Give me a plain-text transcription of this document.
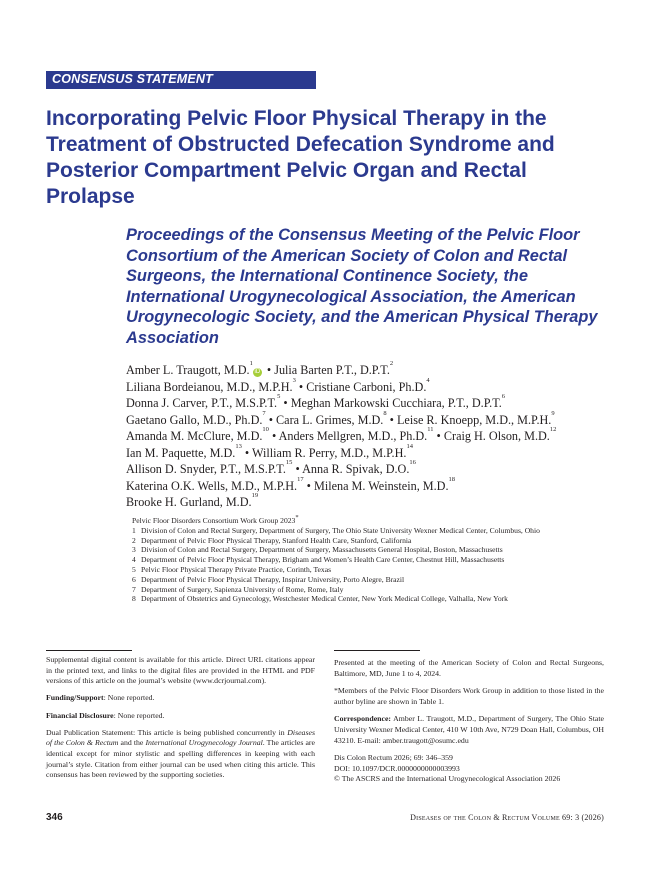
CONSENSUS STATEMENT
Incorporating Pelvic Floor Physical Therapy in the Treatment of Obstructed Defecation Syndrome and Posterior Compartment Pelvic Organ and Rectal Prolapse
Proceedings of the Consensus Meeting of the Pelvic Floor Consortium of the American Society of Colon and Rectal Surgeons, the International Continence Society, the International Urogynecological Association, the American Urogynecologic Society, and the American Physical Therapy Association
Amber L. Traugott, M.D.$^1$iD • Julia Barten P.T., D.P.T.$^2$
Liliana Bordeianou, M.D., M.P.H.$^3$ • Cristiane Carboni, Ph.D.$^4$
Donna J. Carver, P.T., M.S.P.T.$^5$ • Meghan Markowski Cucchiara, P.T., D.P.T.$^6$
Gaetano Gallo, M.D., Ph.D.$^7$ • Cara L. Grimes, M.D.$^8$ • Leise R. Knoepp, M.D., M.P.H.$^9$
Amanda M. McClure, M.D.$^{10}$ • Anders Mellgren, M.D., Ph.D.$^{11}$ • Craig H. Olson, M.D.$^{12}$
Ian M. Paquette, M.D.$^{13}$ • William R. Perry, M.D., M.P.H.$^{14}$
Allison D. Snyder, P.T., M.S.P.T.$^{15}$ • Anna R. Spivak, D.O.$^{16}$
Katerina O.K. Wells, M.D., M.P.H.$^{17}$ • Milena M. Weinstein, M.D.$^{18}$
Brooke H. Gurland, M.D.$^{19}$
Pelvic Floor Disorders Consortium Work Group 2023*
1 Division of Colon and Rectal Surgery, Department of Surgery, The Ohio State University Wexner Medical Center, Columbus, Ohio
2 Department of Pelvic Floor Physical Therapy, Stanford Health Care, Stanford, California
3 Division of Colon and Rectal Surgery, Department of Surgery, Massachusetts General Hospital, Boston, Massachusetts
4 Department of Pelvic Floor Physical Therapy, Brigham and Women’s Health Care Center, Chestnut Hill, Massachusetts
5 Pelvic Floor Physical Therapy Private Practice, Corinth, Texas
6 Department of Pelvic Floor Physical Therapy, Inspirar University, Porto Alegre, Brazil
7 Department of Surgery, Sapienza University of Rome, Rome, Italy
8 Department of Obstetrics and Gynecology, Westchester Medical Center, New York Medical College, Valhalla, New York

Supplemental digital content is available for this article. Direct URL citations appear in the printed text, and links to the digital files are provided in the HTML and PDF versions of this article on the journal’s website (www.dcrjournal.com).

Funding/Support: None reported.

Financial Disclosure: None reported.

Dual Publication Statement: This article is being published concurrently in Diseases of the Colon & Rectum and the International Urogynecology Journal. The articles are identical except for minor stylistic and spelling differences in keeping with each journal’s style. Citation from either journal can be used when citing this article. This consensus has been reviewed by the supporting societies.

Presented at the meeting of the American Society of Colon and Rectal Surgeons, Baltimore, MD, June 1 to 4, 2024.

*Members of the Pelvic Floor Disorders Work Group in addition to those listed in the author byline are shown in Table 1.

Correspondence: Amber L. Traugott, M.D., Department of Surgery, The Ohio State University Wexner Medical Center, 410 W 10th Ave, N729 Doan Hall, Columbus, OH 43210. E-mail: amber.traugott@osumc.edu

Dis Colon Rectum 2026; 69: 346–359
DOI: 10.1097/DCR.0000000000003993
© The ASCRS and the International Urogynecological Association 2026
346	Diseases of the Colon & Rectum Volume 69: 3 (2026)
